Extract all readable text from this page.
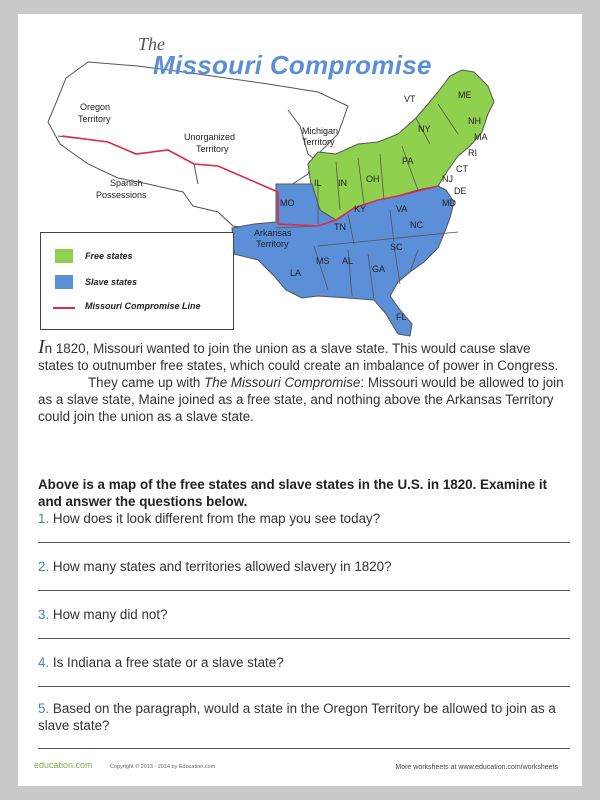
Oregon
Territory
Unorganized
Territory
Spanish
Possessions
Michigan
Territory
Arkansas
Territory
VT	ME
NH
NY
MA
RI
CT
NJ
PA
OH
IN
IL
DE
MD
VA
KY
MO
TN	NC
SC
GA
AL
MS
LA
FL
The
Missouri Compromise
Free states
Slave states
Missouri Compromise Line

In 1820, Missouri wanted to join the union as a slave state. This would cause slave states to outnumber free states, which could create an imbalance of power in Congress.

They came up with The Missouri Compromise: Missouri would be allowed to join as a slave state, Maine joined as a free state, and nothing above the Arkansas Territory could join the union as a slave state.

Above is a map of the free states and slave states in the U.S. in 1820. Examine it and answer the questions below.
1. How does it look different from the map you see today?
2. How many states and territories allowed slavery in 1820?
3. How many did not?
4. Is Indiana a free state or a slave state?
5. Based on the paragraph, would a state in the Oregon Territory be allowed to join as a slave state?
education.com	Copyright © 2013 - 2014 by Education.com	More worksheets at www.education.com/worksheets
